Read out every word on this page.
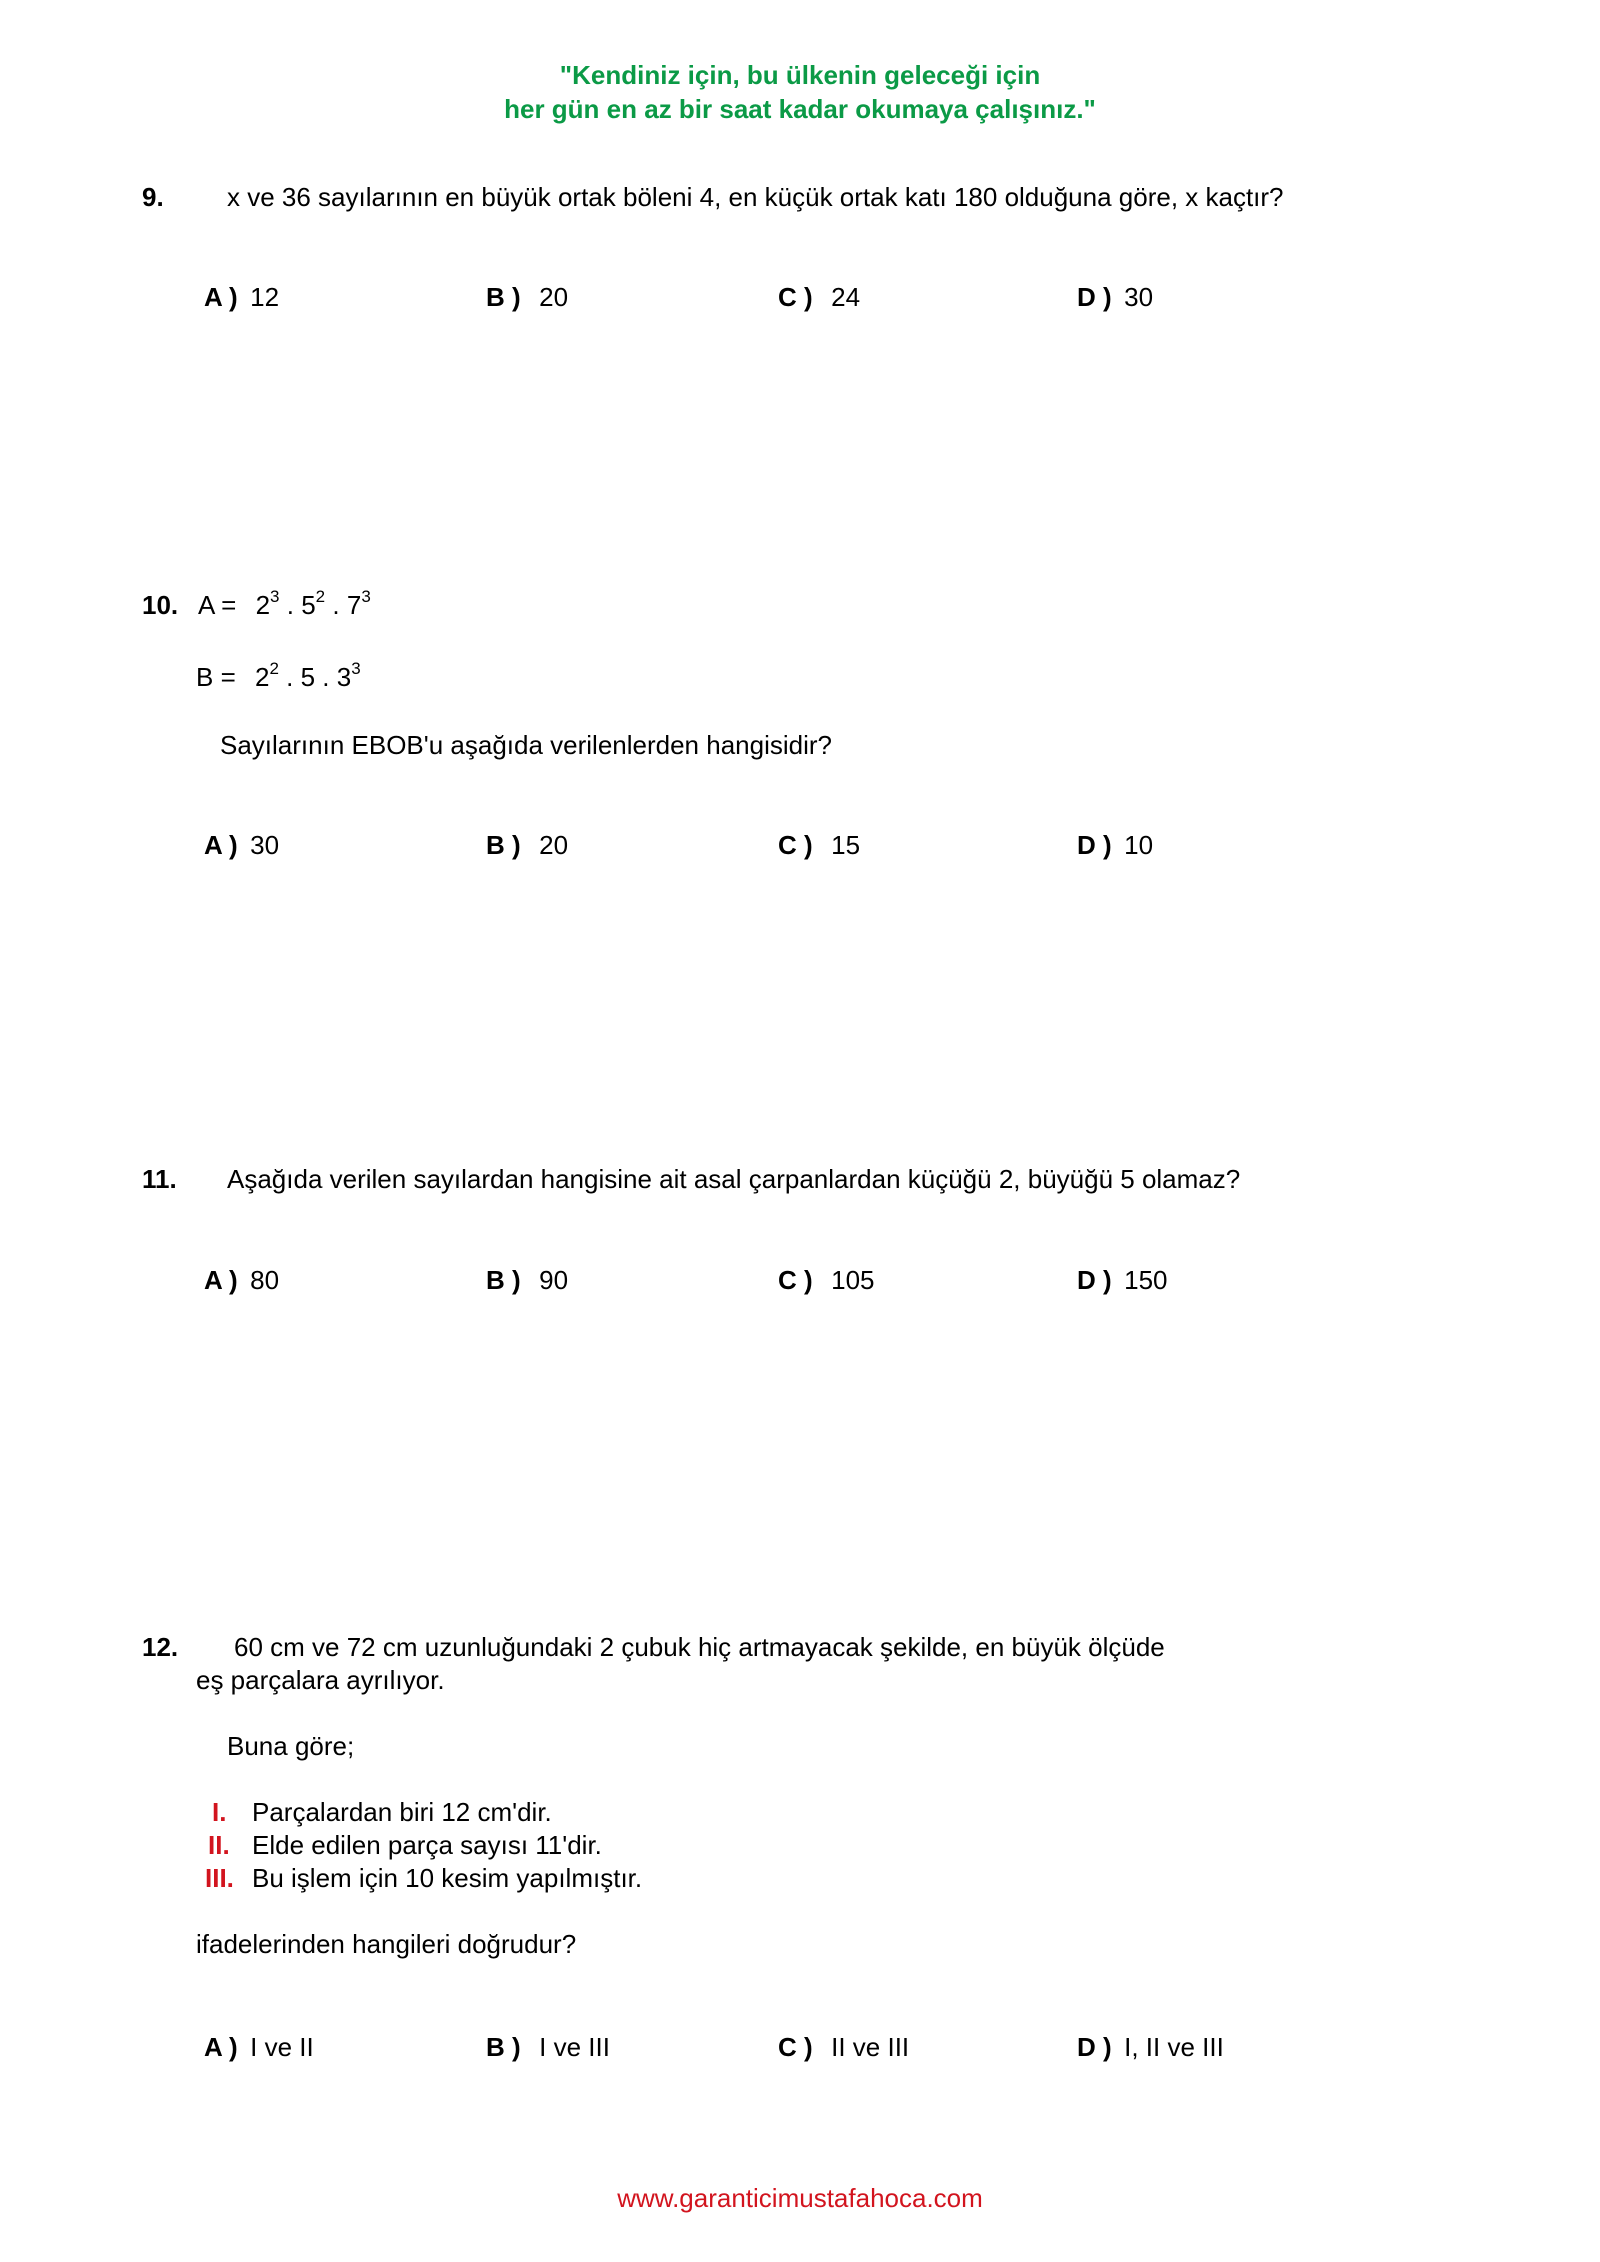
"Kendiniz için, bu ülkenin geleceği için
her gün en az bir saat kadar okumaya çalışınız."
9. x ve 36 sayılarının en büyük ortak böleni 4, en küçük ortak katı 180 olduğuna göre, x kaçtır?
A ) 12	B ) 20	C ) 24	D ) 30
10. $A = 2^3$ . $5^2$ . $7^3$
$B = 2^2$ . 5 . $3^3$
Sayılarının EBOB'u aşağıda verilenlerden hangisidir?
A ) 30	B ) 20	C ) 15	D ) 10
11. Aşağıda verilen sayılardan hangisine ait asal çarpanlardan küçüğü 2, büyüğü 5 olamaz?
A ) 80	B ) 90	C ) 105	D ) 150
12. 60 cm ve 72 cm uzunluğundaki 2 çubuk hiç artmayacak şekilde, en büyük ölçüde
eş parçalara ayrılıyor.
Buna göre;
I. Parçalardan biri 12 cm'dir.
II. Elde edilen parça sayısı 11'dir.
III. Bu işlem için 10 kesim yapılmıştır.
ifadelerinden hangileri doğrudur?
A ) I ve II	B ) I ve III	C ) II ve III	D ) I, II ve III
www.garanticimustafahoca.com
